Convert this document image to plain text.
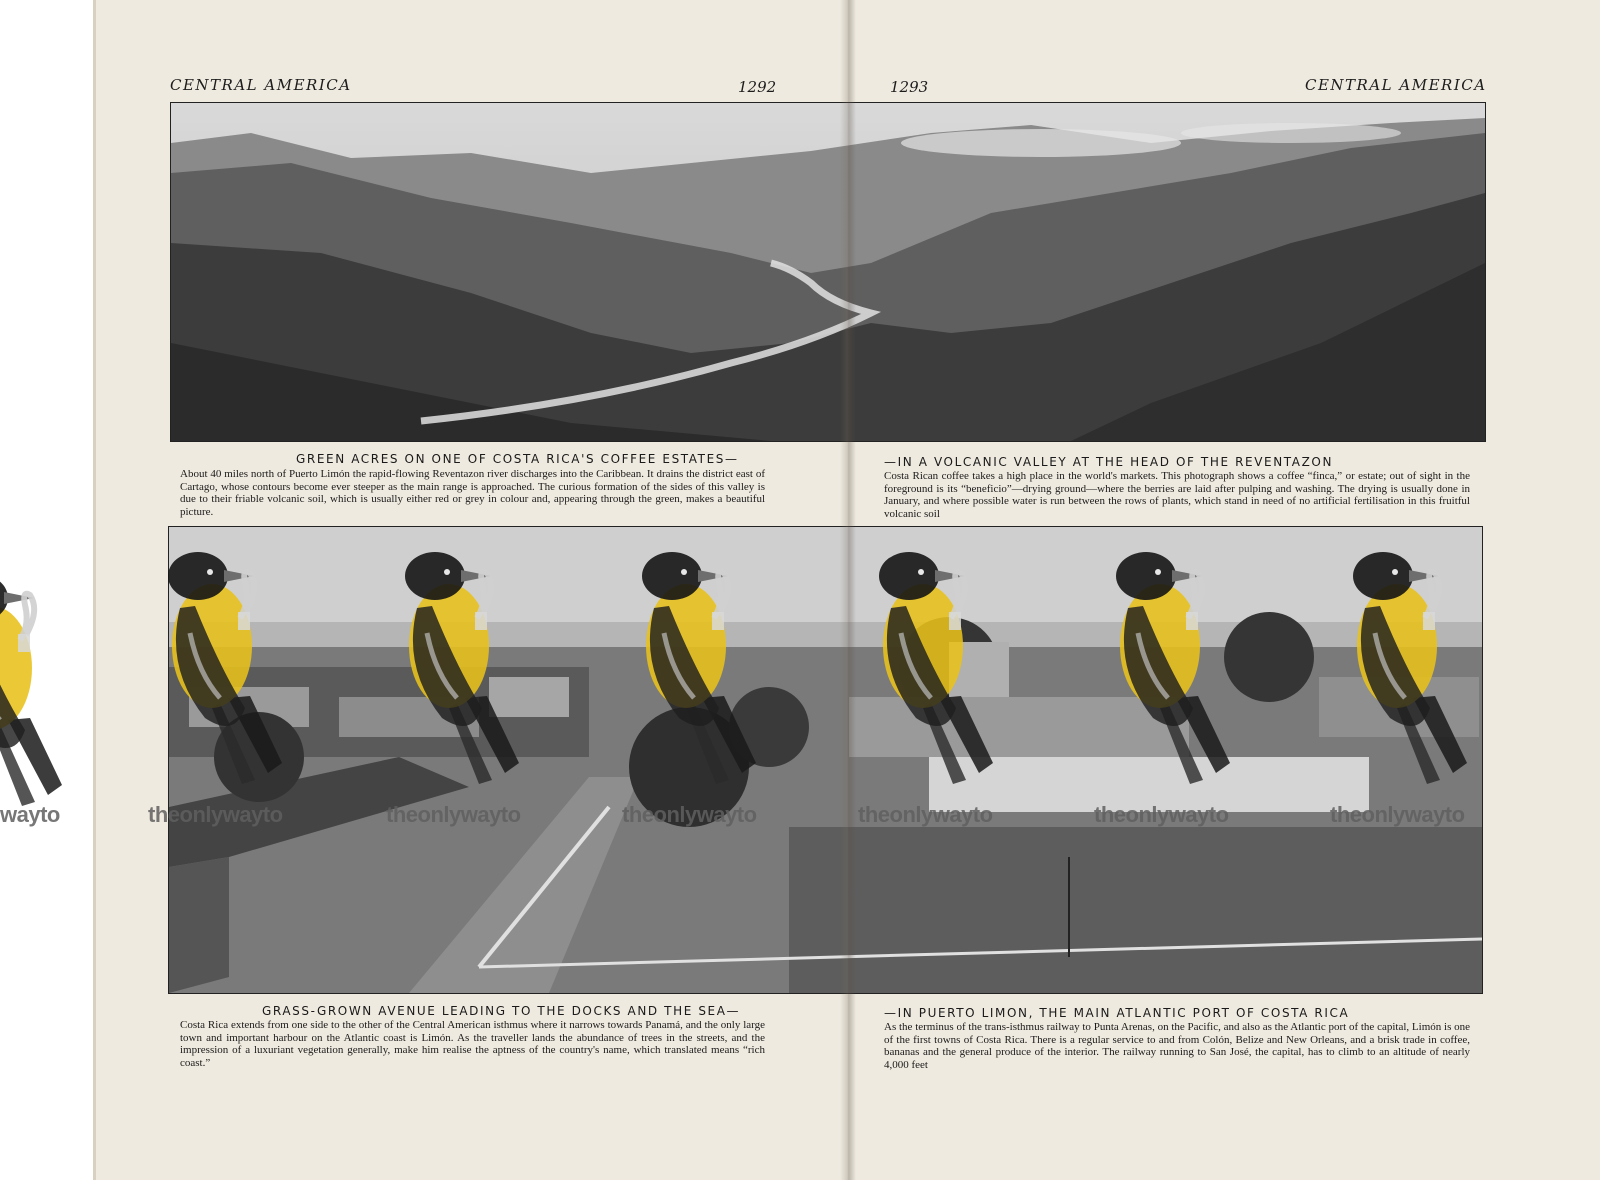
CENTRAL AMERICA	1292	1293	CENTRAL AMERICA
GREEN ACRES ON ONE OF COSTA RICA'S COFFEE ESTATES—
About 40 miles north of Puerto Limón the rapid-flowing Reventazon river discharges into the Caribbean. It drains the district east of Cartago, whose contours become ever steeper as the main range is approached. The curious formation of the sides of this valley is due to their friable volcanic soil, which is usually either red or grey in colour and, appearing through the green, makes a beautiful picture.
—IN A VOLCANIC VALLEY AT THE HEAD OF THE REVENTAZON
Costa Rican coffee takes a high place in the world's markets. This photograph shows a coffee “finca,” or estate; out of sight in the foreground is its “beneficio”—drying ground—where the berries are laid after pulping and washing. The drying is usually done in January, and where possible water is run between the rows of plants, which stand in need of no artificial fertilisation in this fruitful volcanic soil
wayto	theonlywayto	theonlywayto	theonlywayto	theonlywayto	theonlywayto	theonlywayto
GRASS-GROWN AVENUE LEADING TO THE DOCKS AND THE SEA—
Costa Rica extends from one side to the other of the Central American isthmus where it narrows towards Panamá, and the only large town and important harbour on the Atlantic coast is Limón. As the traveller lands the abundance of trees in the streets, and the impression of a luxuriant vegetation generally, make him realise the aptness of the country's name, which translated means “rich coast.”
—IN PUERTO LIMON, THE MAIN ATLANTIC PORT OF COSTA RICA
As the terminus of the trans-isthmus railway to Punta Arenas, on the Pacific, and also as the Atlantic port of the capital, Limón is one of the first towns of Costa Rica. There is a regular service to and from Colón, Belize and New Orleans, and a brisk trade in coffee, bananas and the general produce of the interior. The railway running to San José, the capital, has to climb to an altitude of nearly 4,000 feet
